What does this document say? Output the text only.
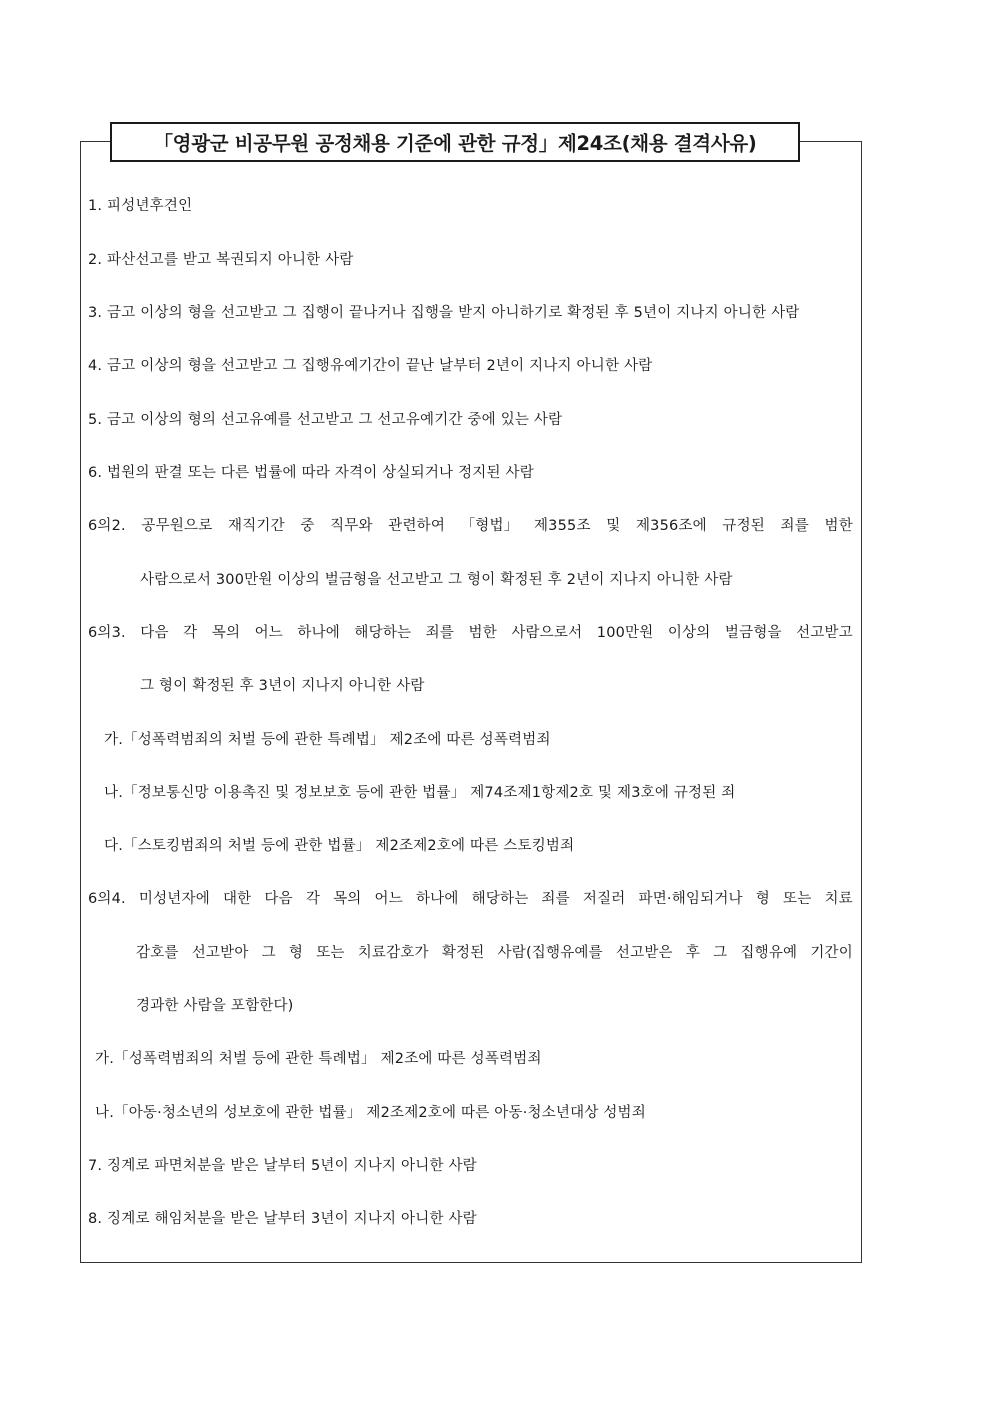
「영광군 비공무원 공정채용 기준에 관한 규정」제24조(채용 결격사유)
1. 피성년후견인
2. 파산선고를 받고 복권되지 아니한 사람
3. 금고 이상의 형을 선고받고 그 집행이 끝나거나 집행을 받지 아니하기로 확정된 후 5년이 지나지 아니한 사람
4. 금고 이상의 형을 선고받고 그 집행유예기간이 끝난 날부터 2년이 지나지 아니한 사람
5. 금고 이상의 형의 선고유예를 선고받고 그 선고유예기간 중에 있는 사람
6. 법원의 판결 또는 다른 법률에 따라 자격이 상실되거나 정지된 사람
6의2. 공무원으로 재직기간 중 직무와 관련하여 「형법」 제355조 및 제356조에 규정된 죄를 범한
사람으로서 300만원 이상의 벌금형을 선고받고 그 형이 확정된 후 2년이 지나지 아니한 사람
6의3. 다음 각 목의 어느 하나에 해당하는 죄를 범한 사람으로서 100만원 이상의 벌금형을 선고받고
그 형이 확정된 후 3년이 지나지 아니한 사람
가.「성폭력범죄의 처벌 등에 관한 특례법」 제2조에 따른 성폭력범죄
나.「정보통신망 이용촉진 및 정보보호 등에 관한 법률」 제74조제1항제2호 및 제3호에 규정된 죄
다.「스토킹범죄의 처벌 등에 관한 법률」 제2조제2호에 따른 스토킹범죄
6의4. 미성년자에 대한 다음 각 목의 어느 하나에 해당하는 죄를 저질러 파면·해임되거나 형 또는 치료
감호를 선고받아 그 형 또는 치료감호가 확정된 사람(집행유예를 선고받은 후 그 집행유예 기간이
경과한 사람을 포함한다)
가.「성폭력범죄의 처벌 등에 관한 특례법」 제2조에 따른 성폭력범죄
나.「아동·청소년의 성보호에 관한 법률」 제2조제2호에 따른 아동·청소년대상 성범죄
7. 징계로 파면처분을 받은 날부터 5년이 지나지 아니한 사람
8. 징계로 해임처분을 받은 날부터 3년이 지나지 아니한 사람
